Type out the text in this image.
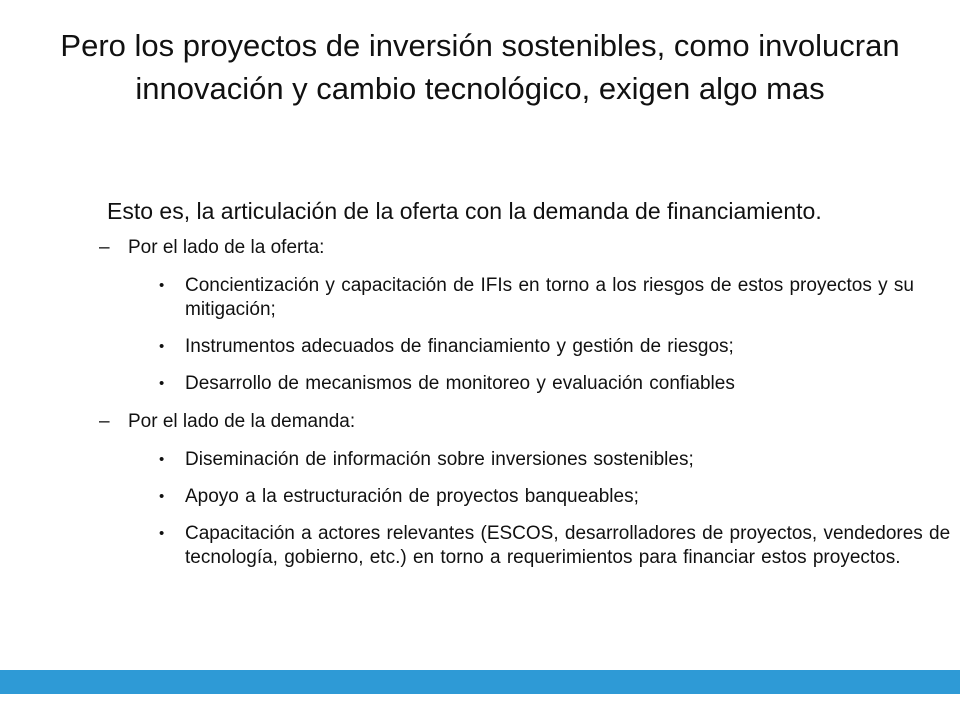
Pero los proyectos de inversión sostenibles, como involucran innovación y cambio tecnológico, exigen algo mas

Esto es, la articulación de la oferta con la demanda de financiamiento.

– Por el lado de la oferta:
• Concientización y capacitación de IFIs en torno a los riesgos de estos proyectos y su mitigación;
• Instrumentos adecuados de financiamiento y gestión de riesgos;
• Desarrollo de mecanismos de monitoreo y evaluación confiables
– Por el lado de la demanda:
• Diseminación de información sobre inversiones sostenibles;
• Apoyo a la estructuración de proyectos banqueables;
• Capacitación a actores relevantes (ESCOS, desarrolladores de proyectos, vendedores de tecnología, gobierno, etc.) en torno a requerimientos para financiar estos proyectos.
